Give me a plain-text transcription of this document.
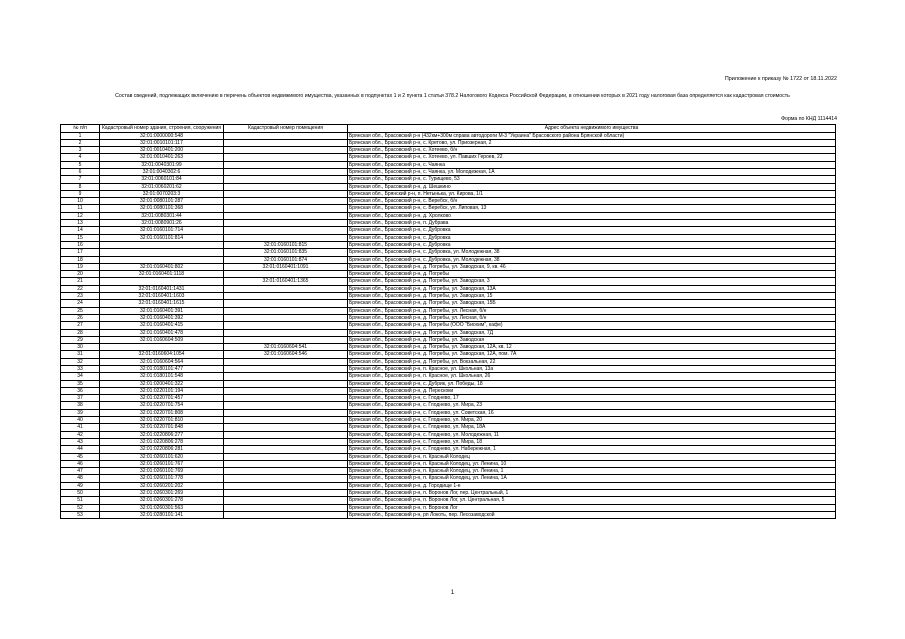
Приложение к приказу № 1722 от 18.11.2022
Состав сведений, подлежащих включению в перечень объектов недвижимого имущества, указанных в подпунктах 1 и 2 пункта 1 статьи 378.2 Налогового Кодекса Российской Федерации, в отношении которых в 2021 году налоговая база определяется как кадастровая стоимость
Форма по КНД 1114414
№ п/п	Кадастровый номер здания, строения, сооружения	Кадастровый номер помещения	Адрес объекта недвижимого имущества
1	32:01:0000000:548		Брянская обл., Брасовский р-н (432км+300м справа автодороги М-3 "Украина" Брасовского района Брянской области)
2	32:01:0010101:117		Брянская обл., Брасовский р-н, с. Кретово, ул. Приозерная, 2
3	32:01:0010401:200		Брянская обл., Брасовский р-н, с. Хотеево, б/н
4	32:01:0010401:263		Брянская обл., Брасовский р-н, с. Хотеево, ул. Павших Героев, 22
5	32:01:0040301:99		Брянская обл., Брасовский р-н, с. Чаянка
6	32:01:0040302:6		Брянская обл., Брасовский р-н, с. Чаянка, ул. Молодежная, 1А
7	32:01:0060101:84		Брянская обл., Брасовский р-н, с. Турищево, 53
8	32:01:0060201:62		Брянская обл., Брасовский р-н, д. Шешкино
9	32:01:0070203:3		Брянская обл., Брянский р-н, п. Нетынька, ул. Кирова, 1/1
10	32:01:0080101:287		Брянская обл., Брасовский р-н, с. Веребск, б/н
11	32:01:0080101:368		Брянская обл., Брасовский р-н, с. Веребск, ул. Липовая, 13
12	32:01:0080301:44		Брянская обл., Брасовский р-н, д. Хролково
13	32:01:0080901:26		Брянская обл., Брасовский р-н, п. Дубрава
14	32:01:0160101:714		Брянская обл., Брасовский р-н, с. Дубровка
15	32:01:0160101:814		Брянская обл., Брасовский р-н, с. Дубровка
16		32:01:0160101:815	Брянская обл., Брасовский р-н, с. Дубровка
17		32:01:0160101:835	Брянская обл., Брасовский р-н, с. Дубровка, ул. Молодежная, 38
18		32:01:0160101:874	Брянская обл., Брасовский р-н, с. Дубровка, ул. Молодежная, 38
19	32:01:0160401:802	32:01:0160401:1091	Брянская обл., Брасовский р-н, д. Погребы, ул. Заводская, 9, кв. 46
20	32:01:0160401:1118		Брянская обл., Брасовский р-н, д. Погребы
21		32:01:0160401:1365	Брянская обл., Брасовский р-н, д. Погребы, ул. Заводская, 3
22	32:01:0160401:1431		Брянская обл., Брасовский р-н, д. Погребы, ул. Заводская, 13А
23	32:01:0160401:1603		Брянская обл., Брасовский р-н, д. Погребы, ул. Заводская, 15
24	32:01:0160401:1615		Брянская обл., Брасовский р-н, д. Погребы, ул. Заводская, 15Б
25	32:01:0160401:391		Брянская обл., Брасовский р-н, д. Погребы, ул. Лесная, б/н
26	32:01:0160401:392		Брянская обл., Брасовский р-н, д. Погребы, ул. Лесная, б/н
27	32:01:0160401:415		Брянская обл., Брасовский р-н, д. Погребы (ООО "Биохим", кафе)
28	32:01:0160401:478		Брянская обл., Брасовский р-н, д. Погребы, ул. Заводская, 7Д
29	32:01:0160604:509		Брянская обл., Брасовский р-н, д. Погребы, ул. Заводская
30		32:01:0160604:541	Брянская обл., Брасовский р-н, д. Погребы, ул. Заводская, 12А, кв. 12
31	32:01:0160604:1054	32:01:0160604:546	Брянская обл., Брасовский р-н, д. Погребы, ул. Заводская, 12А, пом. 7А
32	32:01:0160604:564		Брянская обл., Брасовский р-н, д. Погребы, ул. Вокзальная, 22
33	32:01:0180101:477		Брянская обл., Брасовский р-н, п. Красное, ул. Школьная, 13а
34	32:01:0180101:548		Брянская обл., Брасовский р-н, п. Красное, ул. Школьная, 26
35	32:01:0200401:322		Брянская обл., Брасовский р-н, с. Дубрик, ул. Победы, 18
36	32:01:0220101:194		Брянская обл., Брасовский р-н, д. Перескоки
37	32:01:0220701:457		Брянская обл., Брасовский р-н, с. Глоднево, 17
38	32:01:0220701:754		Брянская обл., Брасовский р-н, с. Глоднево, ул. Мира, 23
39	32:01:0220701:808		Брянская обл., Брасовский р-н, с. Глоднево, ул. Советская, 16
40	32:01:0220701:810		Брянская обл., Брасовский р-н, с. Глоднево, ул. Мира, 20
41	32:01:0220701:848		Брянская обл., Брасовский р-н, с. Глоднево, ул. Мира, 18А
42	32:01:0220806:277		Брянская обл., Брасовский р-н, с. Глоднево, ул. Молодежная, 11
43	32:01:0220806:278		Брянская обл., Брасовский р-н, с. Глоднево, ул. Мира, 18
44	32:01:0220806:281		Брянская обл., Брасовский р-н, с. Глоднево, ул. Набережная, 1
45	32:01:0260101:620		Брянская обл., Брасовский р-н, п. Красный Колодец
46	32:01:0260101:767		Брянская обл., Брасовский р-н, п. Красный Колодец, ул. Ленина, 10
47	32:01:0260101:769		Брянская обл., Брасовский р-н, п. Красный Колодец, ул. Ленина, 1
48	32:01:0260101:778		Брянская обл., Брасовский р-н, п. Красный Колодец, ул. Ленина, 1А
49	32:01:0260201:202		Брянская обл., Брасовский р-н, д. Городище 1-е
50	32:01:0260301:269		Брянская обл., Брасовский р-н, п. Воронов Лог, пер. Центральный, 1
51	32:01:0260301:278		Брянская обл., Брасовский р-н, п. Воронов Лог, ул. Центральная, 5
52	32:01:0260301:563		Брянская обл., Брасовский р-н, п. Воронов Лог
53	32:01:0280101:141		Брянская обл., Брасовский р-н, рп Локоть, пер. Лесозаводской
1
